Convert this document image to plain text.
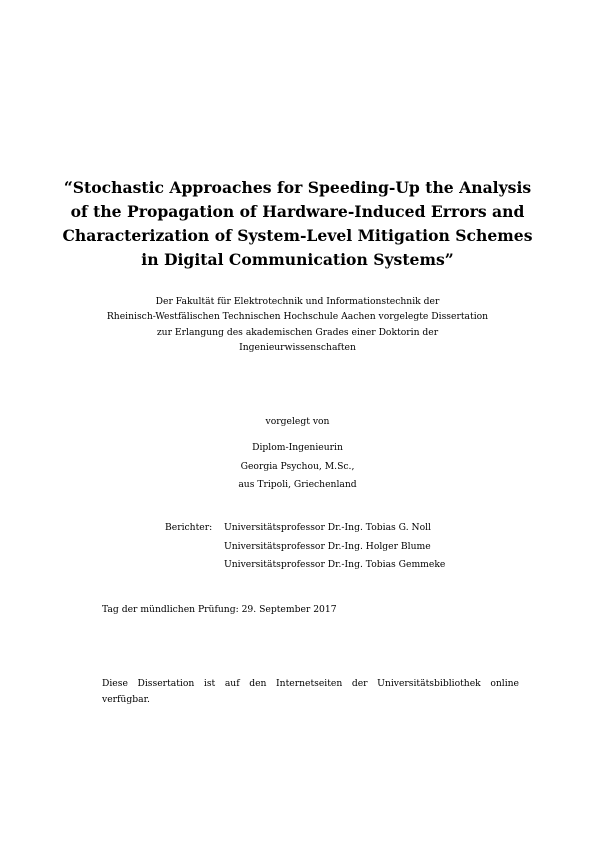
“Stochastic Approaches for Speeding-Up the Analysis
of the Propagation of Hardware-Induced Errors and
Characterization of System-Level Mitigation Schemes
in Digital Communication Systems”
Der Fakultät für Elektrotechnik und Informationstechnik der
Rheinisch-Westfälischen Technischen Hochschule Aachen vorgelegte Dissertation
zur Erlangung des akademischen Grades einer Doktorin der
Ingenieurwissenschaften
vorgelegt von
Diplom-Ingenieurin
Georgia Psychou, M.Sc.,
aus Tripoli, Griechenland
Berichter:	Universitätsprofessor Dr.-Ing. Tobias G. Noll
Universitätsprofessor Dr.-Ing. Holger Blume
Universitätsprofessor Dr.-Ing. Tobias Gemmeke
Tag der mündlichen Prüfung: 29. September 2017
Diese Dissertation ist auf den Internetseiten der Universitätsbibliothek online
verfügbar.
